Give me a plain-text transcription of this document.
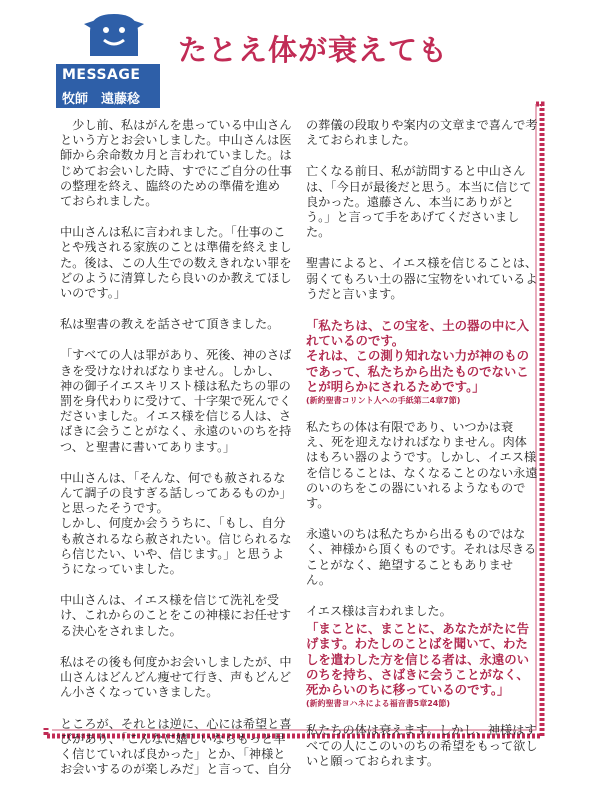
MESSAGE
牧師　遠藤稔
たとえ体が衰えても

　少し前、私はがんを患っている中山さんという方とお会いしました。中山さんは医師から余命数カ月と言われていました。はじめてお会いした時、すでにご自分の仕事の整理を終え、臨終のための準備を進めておられました。

中山さんは私に言われました。「仕事のことや残される家族のことは準備を終えました。後は、この人生での数えきれない罪をどのように清算したら良いのか教えてほしいのです。」

私は聖書の教えを話させて頂きました。

「すべての人は罪があり、死後、神のさばきを受けなければなりません。しかし、神の御子イエスキリスト様は私たちの罪の罰を身代わりに受けて、十字架で死んでくださいました。イエス様を信じる人は、さばきに会うことがなく、永遠のいのちを持つ、と聖書に書いてあります。」

中山さんは、「そんな、何でも赦されるなんて調子の良すぎる話しってあるものか」と思ったそうです。
しかし、何度か会ううちに、「もし、自分も赦されるなら赦されたい。信じられるなら信じたい、いや、信じます。」と思うようになっていました。

中山さんは、イエス様を信じて洗礼を受け、これからのことをこの神様にお任せする決心をされました。

私はその後も何度かお会いしましたが、中山さんはどんどん痩せて行き、声もどんどん小さくなっていきました。

ところが、それとは逆に、心には希望と喜びがあり、「こんなに嬉しいならもっと早く信じていれば良かった」とか、「神様とお会いするのが楽しみだ」と言って、自分

の葬儀の段取りや案内の文章まで喜んで考えておられました。

亡くなる前日、私が訪問すると中山さんは、「今日が最後だと思う。本当に信じて良かった。遠藤さん、本当にありがとう。」と言って手をあげてくださいました。

聖書によると、イエス様を信じることは、弱くてもろい土の器に宝物をいれているようだと言います。

「私たちは、この宝を、土の器の中に入れているのです。
それは、この測り知れない力が神のものであって、私たちから出たものでないことが明らかにされるためです。」

(新約聖書コリント人への手紙第二4章7節)

私たちの体は有限であり、いつかは衰え、死を迎えなければなりません。肉体はもろい器のようです。しかし、イエス様を信じることは、なくなることのない永遠のいのちをこの器にいれるようなものです。

永遠いのちは私たちから出るものではなく、神様から頂くものです。それは尽きることがなく、絶望することもありません。

イエス様は言われました。

「まことに、まことに、あなたがたに告げます。わたしのことばを聞いて、わたしを遣わした方を信じる者は、永遠のいのちを持ち、さばきに会うことがなく、死からいのちに移っているのです。」

(新約聖書ヨハネによる福音書5章24節)

私たちの体は衰えます。しかし、神様はすべての人にこのいのちの希望をもって欲しいと願っておられます。
